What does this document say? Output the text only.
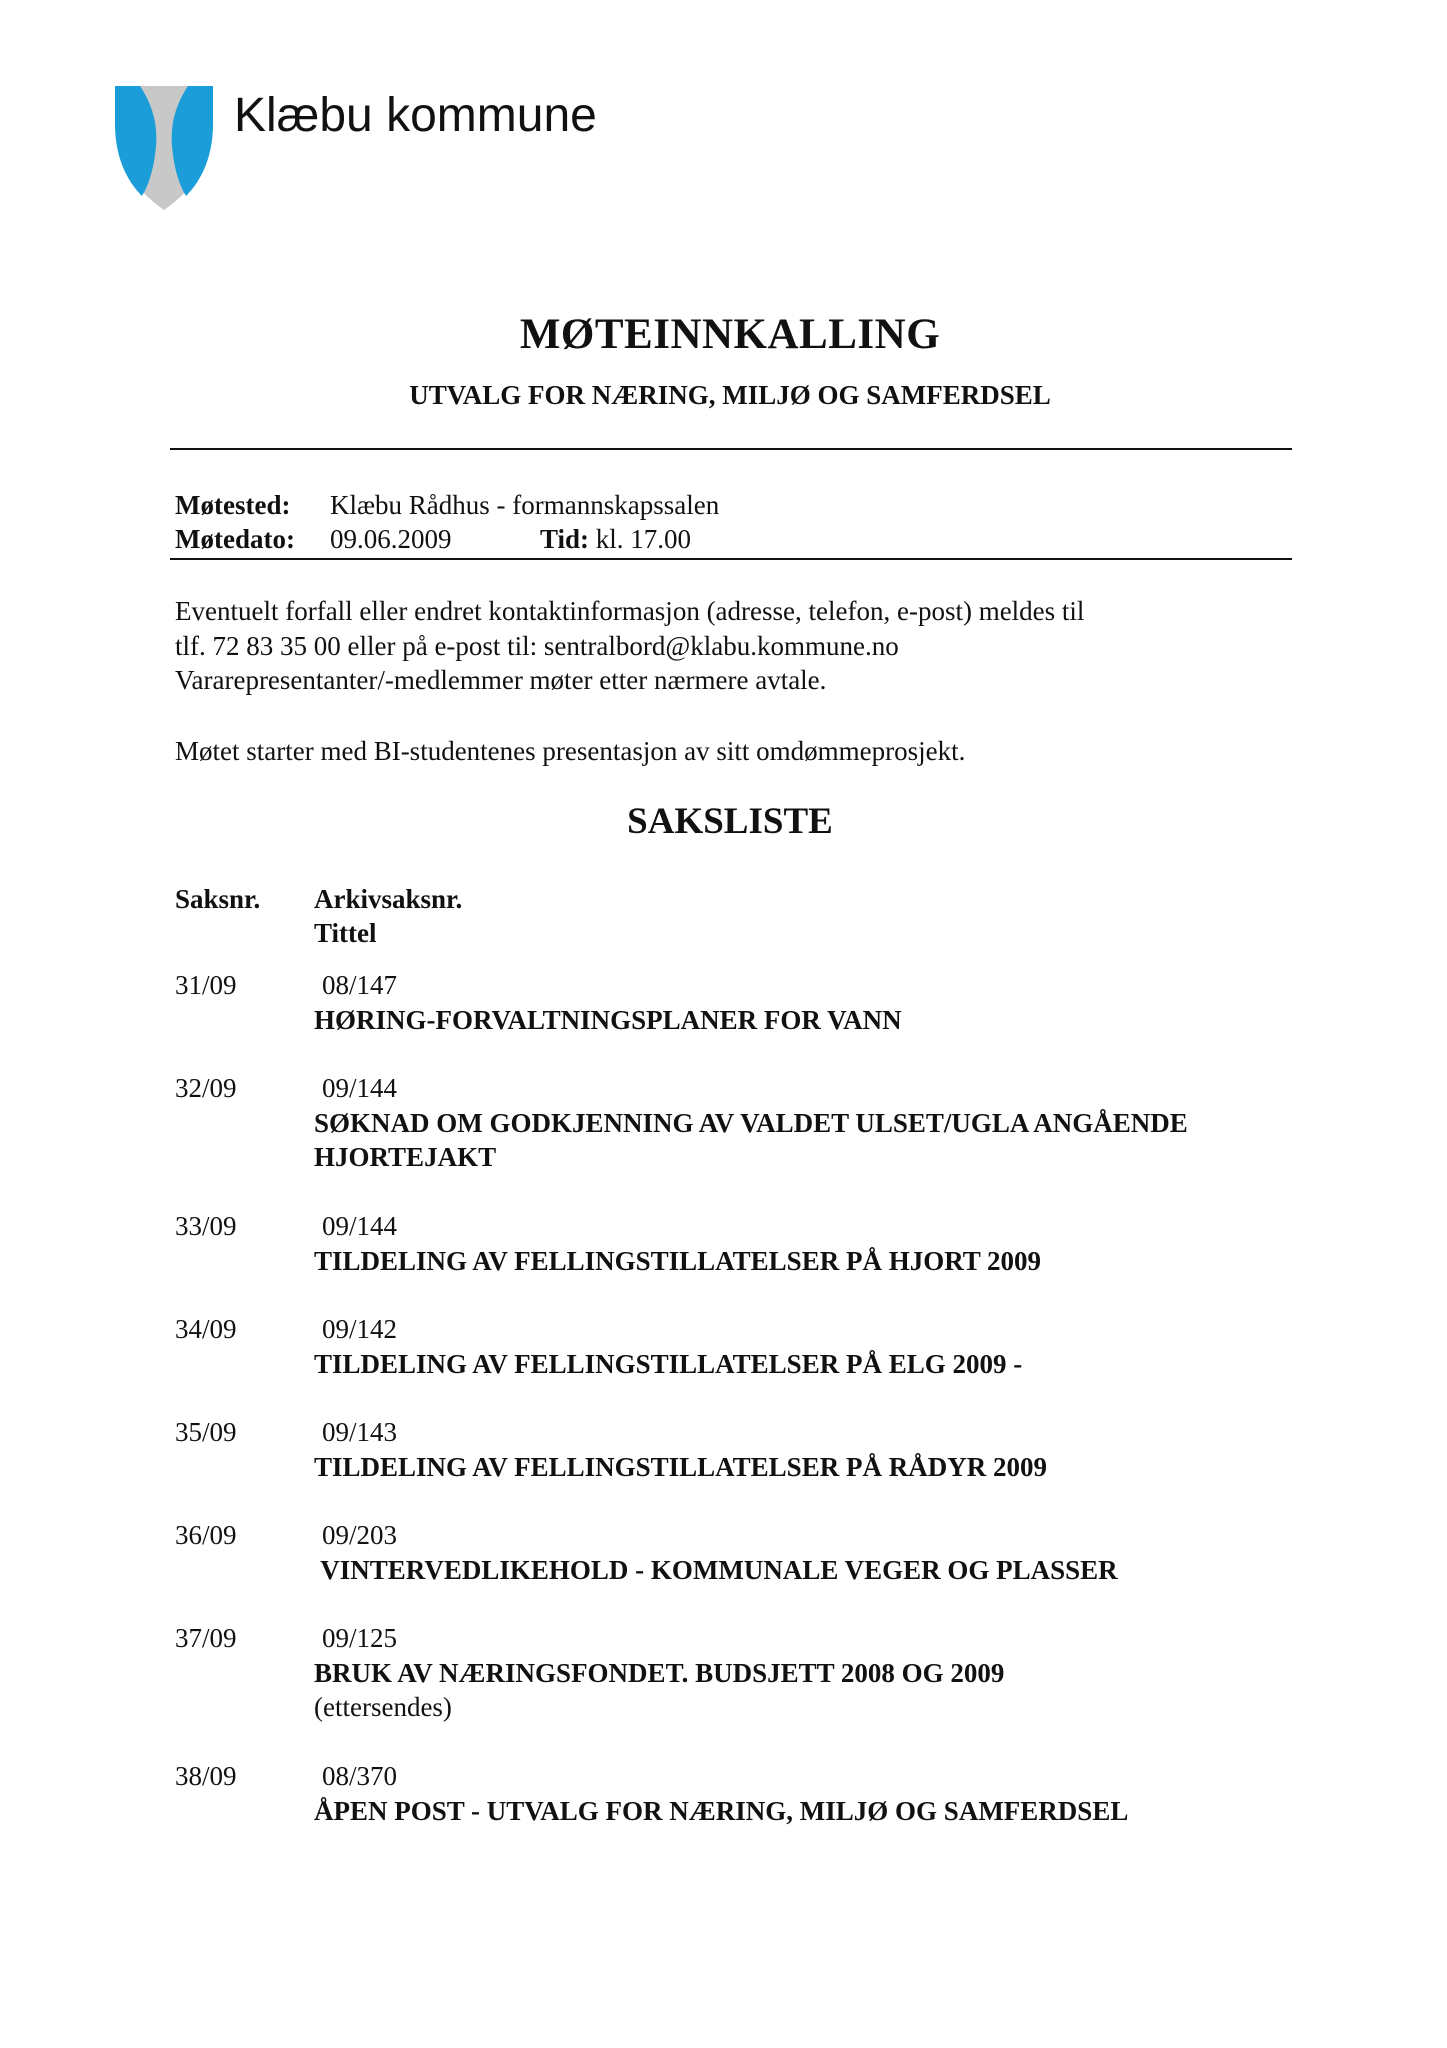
Klæbu kommune
MØTEINNKALLING
UTVALG FOR NÆRING, MILJØ OG SAMFERDSEL
Møtested: Klæbu Rådhus - formannskapssalen
Møtedato: 09.06.2009	Tid: kl. 17.00
Eventuelt forfall eller endret kontaktinformasjon (adresse, telefon, e-post) meldes til
tlf. 72 83 35 00 eller på e-post til: sentralbord@klabu.kommune.no
Vararepresentanter/-medlemmer møter etter nærmere avtale.
Møtet starter med BI-studentenes presentasjon av sitt omdømmeprosjekt.
SAKSLISTE
Saksnr. Arkivsaksnr.
Tittel
31/09	08/147
HØRING-FORVALTNINGSPLANER FOR VANN
32/09	09/144
SØKNAD OM GODKJENNING AV VALDET ULSET/UGLA ANGÅENDE HJORTEJAKT
33/09	09/144
TILDELING AV FELLINGSTILLATELSER PÅ HJORT 2009
34/09	09/142
TILDELING AV FELLINGSTILLATELSER PÅ ELG 2009 -
35/09	09/143
TILDELING AV FELLINGSTILLATELSER PÅ RÅDYR 2009
36/09	09/203
VINTERVEDLIKEHOLD - KOMMUNALE VEGER OG PLASSER
37/09	09/125
BRUK AV NÆRINGSFONDET. BUDSJETT 2008 OG 2009
(ettersendes)
38/09	08/370
ÅPEN POST - UTVALG FOR NÆRING, MILJØ OG SAMFERDSEL
